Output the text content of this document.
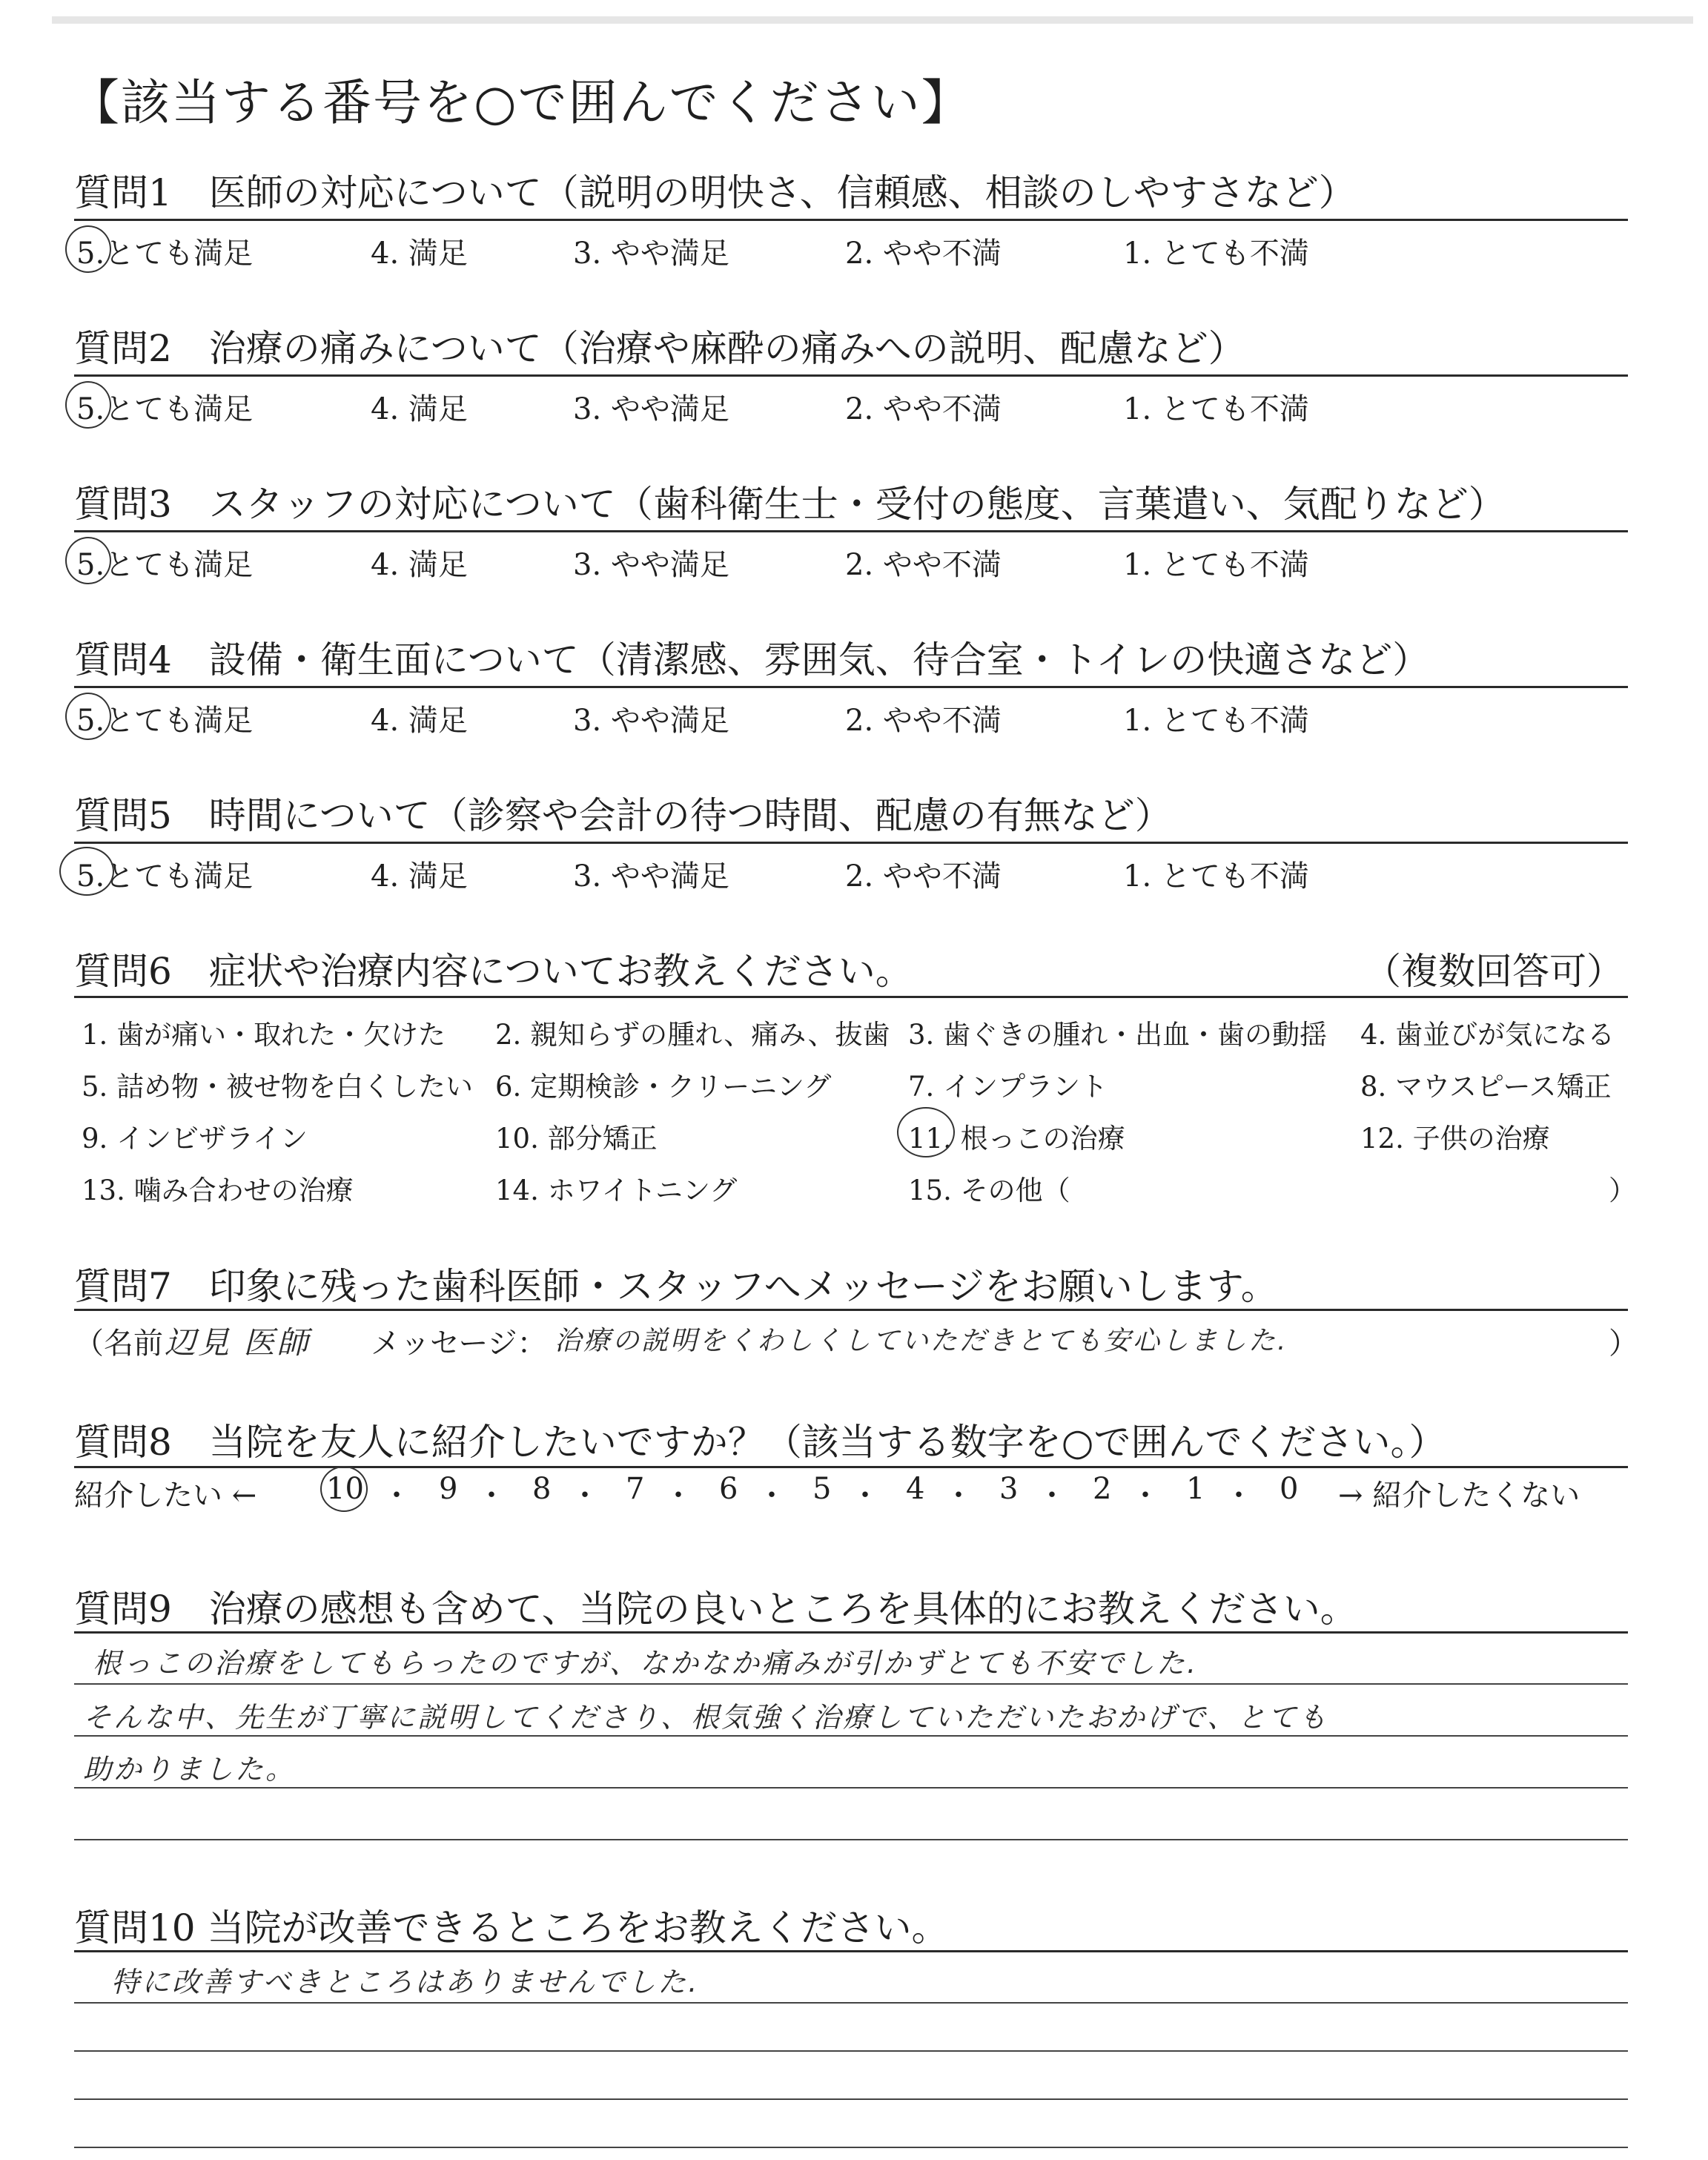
【該当する番号を○で囲んでください】
質問1　医師の対応について（説明の明快さ、信頼感、相談のしやすさなど）
5.とても満足	4. 満足	3. やや満足	2. やや不満	1. とても不満
質問2　治療の痛みについて（治療や麻酔の痛みへの説明、配慮など）
5.とても満足	4. 満足	3. やや満足	2. やや不満	1. とても不満
質問3　スタッフの対応について（歯科衛生士・受付の態度、言葉遣い、気配りなど）
5.とても満足	4. 満足	3. やや満足	2. やや不満	1. とても不満
質問4　設備・衛生面について（清潔感、雰囲気、待合室・トイレの快適さなど）
5.とても満足	4. 満足	3. やや満足	2. やや不満	1. とても不満
質問5　時間について（診察や会計の待つ時間、配慮の有無など）
5.とても満足	4. 満足	3. やや満足	2. やや不満	1. とても不満
質問6　症状や治療内容についてお教えください。	（複数回答可）
1. 歯が痛い・取れた・欠けた 2. 親知らずの腫れ、痛み、抜歯 3. 歯ぐきの腫れ・出血・歯の動揺 4. 歯並びが気になる
5. 詰め物・被せ物を白くしたい 6. 定期検診・クリーニング	7. インプラント	8. マウスピース矯正
9. インビザライン	10. 部分矯正	11. 根っこの治療	12. 子供の治療
13. 噛み合わせの治療	14. ホワイトニング	15. その他（	）
質問7　印象に残った歯科医師・スタッフへメッセージをお願いします。
（名前 辺見 医師 メッセージ： 治療の説明をくわしくしていただきとても安心しました.	）
質問8　当院を友人に紹介したいですか？（該当する数字を○で囲んでください。）
紹介したい ← 10 ・ 9 ・ 8 ・ 7 ・ 6 ・ 5 ・ 4 ・ 3 ・ 2 ・ 1 ・ 0 → 紹介したくない
質問9　治療の感想も含めて、当院の良いところを具体的にお教えください。
根っこの治療をしてもらったのですが、なかなか痛みが引かずとても不安でした.
そんな中、先生が丁寧に説明してくださり、根気強く治療していただいたおかげで、とても
助かりました。
質問10 当院が改善できるところをお教えください。
特に改善すべきところはありませんでした.
